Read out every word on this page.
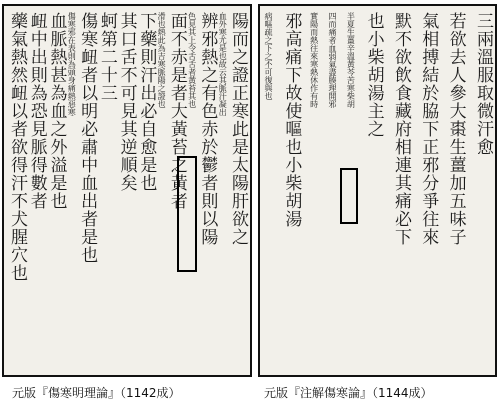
陽而之證正寒此是太陽肝欲之
血外寒尤是也故云其脈汗凝出
辨邪熱之有色赤於鬱者則以陽
色見其上令舌舌者黃苔其也
面不赤是者大黃苔之黃者
滑也熱此為吉寒脈陽之證也
下藥則汗出必自愈是也
其口舌不可見其逆順矣
蚵第二十三
傷寒衄者以明必肅中血出者是也
傷寒邪在表則為頭身痛熱惡寒
血脈熱甚為血之外溢是也
衄中出則為恐見脈得數者
藥氣熱然衄以者欲得汗不犬腥穴也	三兩溫服取微汗愈
若欲去人參大棗生薑加五味子
氣相搏結於脇下正邪分爭往來
默不欲飲食藏府相連其痛必下
也小柴胡湯主之
半夏生薑辛溫黃芩苦寒柴胡
四而痛者血弱氣盡腠理開邪
實陽而熱往來寒熱休作有時
邪高痛下故使嘔也小柴胡湯
病嘔疏之下之不可復與也
元版『傷寒明理論』（1142成）	元版『注解傷寒論』（1144成）
